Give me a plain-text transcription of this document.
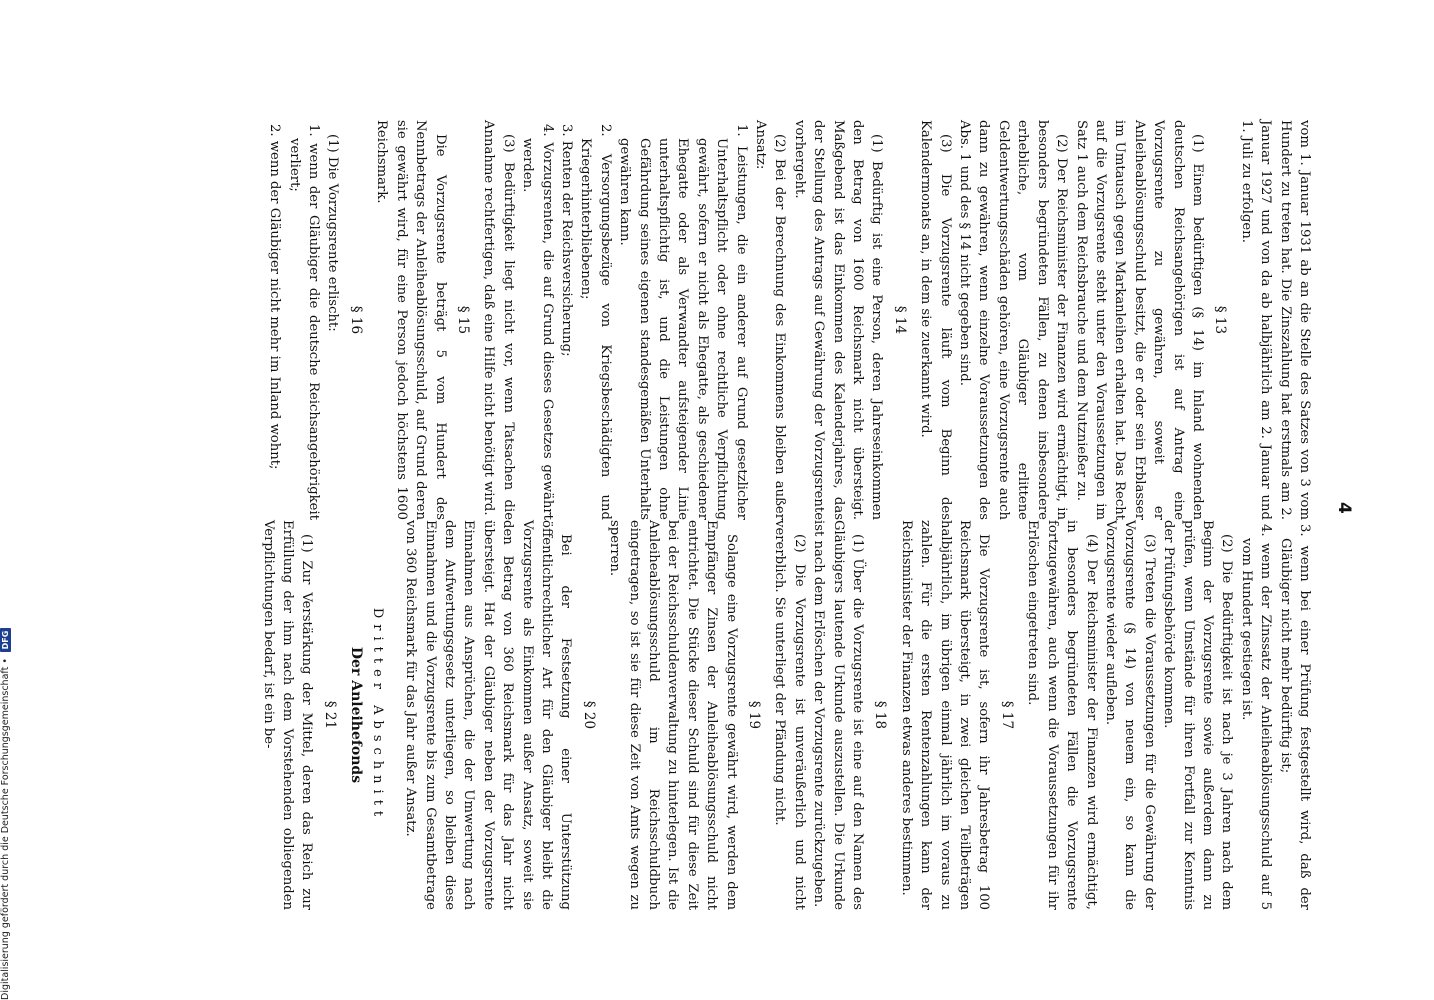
4

vom 1. Januar 1931 ab an die Stelle des Satzes von 3 vom Hundert zu treten hat. Die Zinszahlung hat erstmals am 2. Januar 1927 und von da ab halbjährlich am 2. Januar und 1. Juli zu erfolgen.

§ 13

(1) Einem bedürftigen (§ 14) im Inland wohnenden deutschen Reichsangehörigen ist auf Antrag eine Vorzugsrente zu gewähren, soweit er Anleiheablösungsschuld besitzt, die er oder sein Erblasser im Umtausch gegen Markanleihen erhalten hat. Das Recht auf die Vorzugsrente steht unter den Voraussetzungen im Satz 1 auch dem Reichsbrauche und dem Nutznießer zu.

(2) Der Reichsminister der Finanzen wird ermächtigt, in besonders begründeten Fällen, zu denen insbesondere erhebliche, vom Gläubiger erlittene Geldentwertungsschäden gehören, eine Vorzugsrente auch dann zu gewähren, wenn einzelne Voraussetzungen des Abs. 1 und des § 14 nicht gegeben sind.

(3) Die Vorzugsrente läuft vom Beginn des Kalendermonats an, in dem sie zuerkannt wird.

§ 14

(1) Bedürftig ist eine Person, deren Jahreseinkommen den Betrag von 1600 Reichsmark nicht übersteigt. Maßgebend ist das Einkommen des Kalenderjahres, das der Stellung des Antrags auf Gewährung der Vorzugsrente vorhergeht.

(2) Bei der Berechnung des Einkommens bleiben außer Ansatz:

1. Leistungen, die ein anderer auf Grund gesetzlicher Unterhaltspflicht oder ohne rechtliche Verpflichtung gewährt, sofern er nicht als Ehegatte, als geschiedener Ehegatte oder als Verwandter aufsteigender Linie unterhaltspflichtig ist, und die Leistungen ohne Gefährdung seines eigenen standesgemäßen Unterhalts gewähren kann.
2. Versorgungsbezüge von Kriegsbeschädigten und Kriegerhinterbliebenen;
3. Renten der Reichsversicherung;
4. Vorzugsrenten, die auf Grund dieses Gesetzes gewährt werden.

(3) Bedürftigkeit liegt nicht vor, wenn Tatsachen die Annahme rechtfertigen, daß eine Hilfe nicht benötigt wird.

§ 15

Die Vorzugsrente beträgt 5 vom Hundert des Nennbetrags der Anleiheablösungsschuld, auf Grund deren sie gewährt wird, für eine Person jedoch höchstens 1600 Reichsmark.

§ 16

(1) Die Vorzugsrente erlischt:

1. wenn der Gläubiger die deutsche Reichsangehörigkeit verliert;
2. wenn der Gläubiger nicht mehr im Inland wohnt;
3. wenn bei einer Prüfung festgestellt wird, daß der Gläubiger nicht mehr bedürftig ist;
4. wenn der Zinssatz der Anleiheablösungsschuld auf 5 vom Hundert gestiegen ist.

(2) Die Bedürftigkeit ist nach je 3 Jahren nach dem Beginn der Vorzugsrente sowie außerdem dann zu prüfen, wenn Umstände für ihren Fortfall zur Kenntnis der Prüfungsbehörde kommen.

(3) Treten die Voraussetzungen für die Gewährung der Vorzugsrente (§ 14) von neuem ein, so kann die Vorzugsrente wieder aufleben.

(4) Der Reichsminister der Finanzen wird ermächtigt, in besonders begründeten Fällen die Vorzugsrente fortzugewähren, auch wenn die Voraussetzungen für ihr Erlöschen eingetreten sind.

§ 17

Die Vorzugsrente ist, sofern ihr Jahresbetrag 100 Reichsmark übersteigt, in zwei gleichen Teilbeträgen halbjährlich, im übrigen einmal jährlich im voraus zu zahlen. Für die ersten Rentenzahlungen kann der Reichsminister der Finanzen etwas anderes bestimmen.

§ 18

(1) Über die Vorzugsrente ist eine auf den Namen des Gläubigers lautende Urkunde auszustellen. Die Urkunde ist nach dem Erlöschen der Vorzugsrente zurückzugeben.

(2) Die Vorzugsrente ist unveräußerlich und nicht vererblich. Sie unterliegt der Pfändung nicht.

§ 19

Solange eine Vorzugsrente gewährt wird, werden dem Empfänger Zinsen der Anleiheablösungsschuld nicht entrichtet. Die Stücke dieser Schuld sind für diese Zeit bei der Reichsschuldenverwaltung zu hinterlegen. Ist die Anleiheablösungsschuld im Reichsschuldbuch eingetragen, so ist sie für diese Zeit von Amts wegen zu sperren.

§ 20

Bei der Festsetzung einer Unterstützung öffentlichrechtlicher Art für den Gläubiger bleibt die Vorzugsrente als Einkommen außer Ansatz, soweit sie den Betrag von 360 Reichsmark für das Jahr nicht übersteigt. Hat der Gläubiger neben der Vorzugsrente Einnahmen aus Ansprüchen, die der Umwertung nach dem Aufwertungsgesetz unterliegen, so bleiben diese Einnahmen und die Vorzugsrente bis zum Gesamtbetrage von 360 Reichsmark für das Jahr außer Ansatz.

Dritter Abschnitt
Der Anleihefonds
§ 21

(1) Zur Verstärkung der Mittel, deren das Reich zur Erfüllung der ihm nach dem Vorstehenden obliegenden Verpflichtungen bedarf, ist ein be-

Digitalisierung gefördert durch die Deutsche Forschungsgemeinschaft • DFG
